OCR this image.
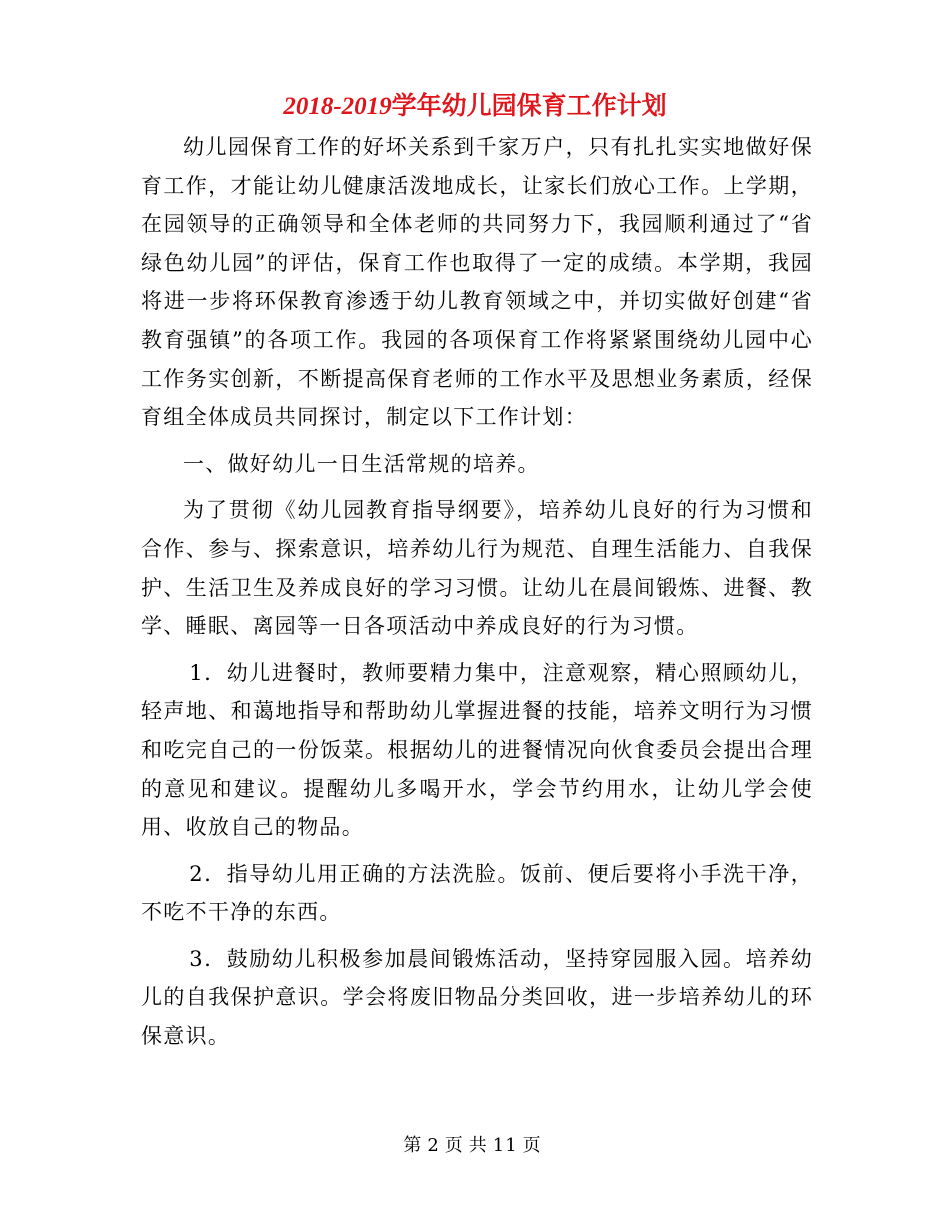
2018-2019学年幼儿园保育工作计划

幼儿园保育工作的好坏关系到千家万户，只有扎扎实实地做好保育工作，才能让幼儿健康活泼地成长，让家长们放心工作。上学期，在园领导的正确领导和全体老师的共同努力下，我园顺利通过了“省绿色幼儿园”的评估，保育工作也取得了一定的成绩。本学期，我园将进一步将环保教育渗透于幼儿教育领域之中，并切实做好创建“省教育强镇”的各项工作。我园的各项保育工作将紧紧围绕幼儿园中心工作务实创新，不断提高保育老师的工作水平及思想业务素质，经保育组全体成员共同探讨，制定以下工作计划：

一、做好幼儿一日生活常规的培养。

为了贯彻《幼儿园教育指导纲要》，培养幼儿良好的行为习惯和合作、参与、探索意识，培养幼儿行为规范、自理生活能力、自我保护、生活卫生及养成良好的学习习惯。让幼儿在晨间锻炼、进餐、教学、睡眠、离园等一日各项活动中养成良好的行为习惯。

1．幼儿进餐时，教师要精力集中，注意观察，精心照顾幼儿，轻声地、和蔼地指导和帮助幼儿掌握进餐的技能，培养文明行为习惯和吃完自己的一份饭菜。根据幼儿的进餐情况向伙食委员会提出合理的意见和建议。提醒幼儿多喝开水，学会节约用水，让幼儿学会使用、收放自己的物品。

2．指导幼儿用正确的方法洗脸。饭前、便后要将小手洗干净，不吃不干净的东西。

3．鼓励幼儿积极参加晨间锻炼活动，坚持穿园服入园。培养幼儿的自我保护意识。学会将废旧物品分类回收，进一步培养幼儿的环保意识。

第 2 页 共 11 页
